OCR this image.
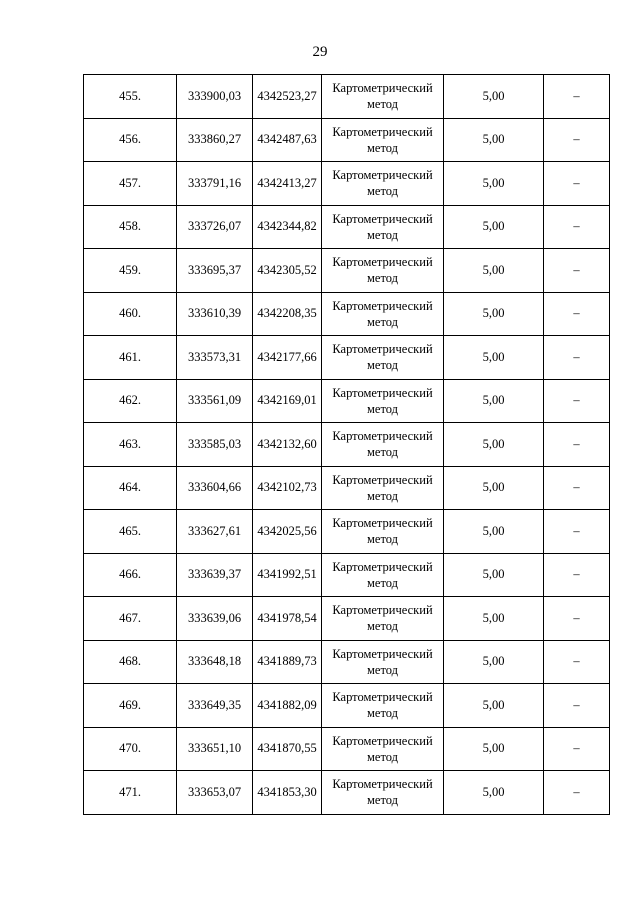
29
455.	333900,03	4342523,27	Картометрический метод	5,00	–
456.	333860,27	4342487,63	Картометрический метод	5,00	–
457.	333791,16	4342413,27	Картометрический метод	5,00	–
458.	333726,07	4342344,82	Картометрический метод	5,00	–
459.	333695,37	4342305,52	Картометрический метод	5,00	–
460.	333610,39	4342208,35	Картометрический метод	5,00	–
461.	333573,31	4342177,66	Картометрический метод	5,00	–
462.	333561,09	4342169,01	Картометрический метод	5,00	–
463.	333585,03	4342132,60	Картометрический метод	5,00	–
464.	333604,66	4342102,73	Картометрический метод	5,00	–
465.	333627,61	4342025,56	Картометрический метод	5,00	–
466.	333639,37	4341992,51	Картометрический метод	5,00	–
467.	333639,06	4341978,54	Картометрический метод	5,00	–
468.	333648,18	4341889,73	Картометрический метод	5,00	–
469.	333649,35	4341882,09	Картометрический метод	5,00	–
470.	333651,10	4341870,55	Картометрический метод	5,00	–
471.	333653,07	4341853,30	Картометрический метод	5,00	–
